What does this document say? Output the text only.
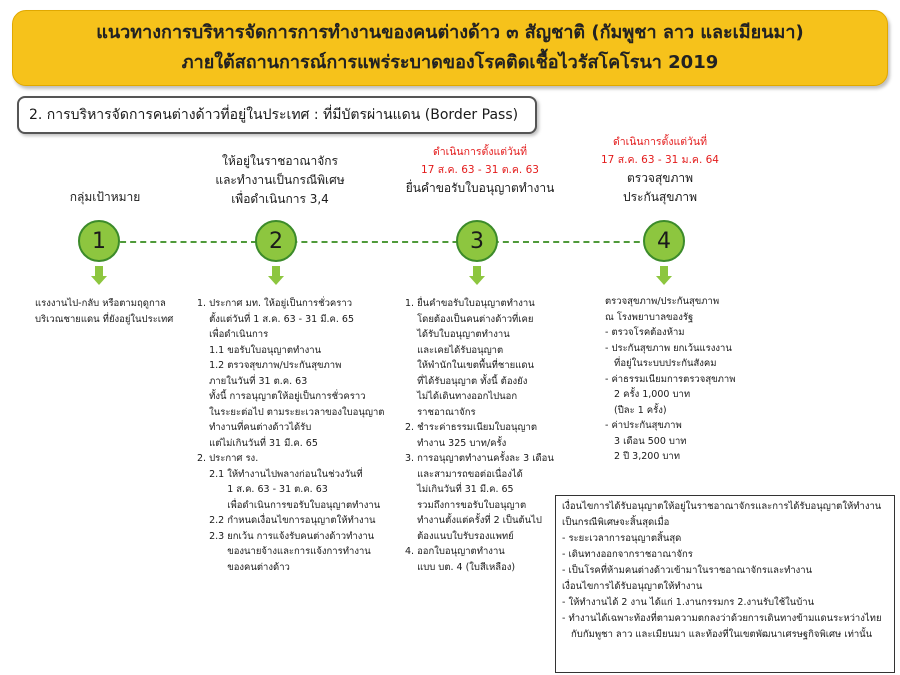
แนวทางการบริหารจัดการการทำงานของคนต่างด้าว ๓ สัญชาติ (กัมพูชา ลาว และเมียนมา)
ภายใต้สถานการณ์การแพร่ระบาดของโรคติดเชื้อไวรัสโคโรนา 2019
2. การบริหารจัดการคนต่างด้าวที่อยู่ในประเทศ : ที่มีบัตรผ่านแดน (Border Pass)
กลุ่มเป้าหมาย
ให้อยู่ในราชอาณาจักร
และทำงานเป็นกรณีพิเศษ
เพื่อดำเนินการ 3,4
ดำเนินการตั้งแต่วันที่
17 ส.ค. 63 - 31 ต.ค. 63
ยื่นคำขอรับใบอนุญาตทำงาน
ดำเนินการตั้งแต่วันที่
17 ส.ค. 63 - 31 ม.ค. 64
ตรวจสุขภาพ
ประกันสุขภาพ
1	2	3	4
แรงงานไป-กลับ หรือตามฤดูกาล
บริเวณชายแดน ที่ยังอยู่ในประเทศ
1. ประกาศ มท. ให้อยู่เป็นการชั่วคราว
ตั้งแต่วันที่ 1 ส.ค. 63 - 31 มี.ค. 65
เพื่อดำเนินการ
1.1 ขอรับใบอนุญาตทำงาน
1.2 ตรวจสุขภาพ/ประกันสุขภาพ
ภายในวันที่ 31 ต.ค. 63
ทั้งนี้ การอนุญาตให้อยู่เป็นการชั่วคราว
ในระยะต่อไป ตามระยะเวลาของใบอนุญาต
ทำงานที่คนต่างด้าวได้รับ
แต่ไม่เกินวันที่ 31 มี.ค. 65
2. ประกาศ รง.
2.1 ให้ทำงานไปพลางก่อนในช่วงวันที่
1 ส.ค. 63 - 31 ต.ค. 63
เพื่อดำเนินการขอรับใบอนุญาตทำงาน
2.2 กำหนดเงื่อนไขการอนุญาตให้ทำงาน
2.3 ยกเว้น การแจ้งรับคนต่างด้าวทำงาน
ของนายจ้างและการแจ้งการทำงาน
ของคนต่างด้าว
1. ยื่นคำขอรับใบอนุญาตทำงาน
โดยต้องเป็นคนต่างด้าวที่เคย
ได้รับใบอนุญาตทำงาน
และเคยได้รับอนุญาต
ให้พำนักในเขตพื้นที่ชายแดน
ที่ได้รับอนุญาต ทั้งนี้ ต้องยัง
ไม่ได้เดินทางออกไปนอก
ราชอาณาจักร
2. ชำระค่าธรรมเนียมใบอนุญาต
ทำงาน 325 บาท/ครั้ง
3. การอนุญาตทำงานครั้งละ 3 เดือน
และสามารถขอต่อเนื่องได้
ไม่เกินวันที่ 31 มี.ค. 65
รวมถึงการขอรับใบอนุญาต
ทำงานตั้งแต่ครั้งที่ 2 เป็นต้นไป
ต้องแนบใบรับรองแพทย์
4. ออกใบอนุญาตทำงาน
แบบ บต. 4 (ใบสีเหลือง)
ตรวจสุขภาพ/ประกันสุขภาพ
ณ โรงพยาบาลของรัฐ
- ตรวจโรคต้องห้าม
- ประกันสุขภาพ ยกเว้นแรงงาน
ที่อยู่ในระบบประกันสังคม
- ค่าธรรมเนียมการตรวจสุขภาพ
2 ครั้ง 1,000 บาท
(ปีละ 1 ครั้ง)
- ค่าประกันสุขภาพ
3 เดือน 500 บาท
2 ปี 3,200 บาท
เงื่อนไขการได้รับอนุญาตให้อยู่ในราชอาณาจักรและการได้รับอนุญาตให้ทำงาน
เป็นกรณีพิเศษจะสิ้นสุดเมื่อ
- ระยะเวลาการอนุญาตสิ้นสุด
- เดินทางออกจากราชอาณาจักร
- เป็นโรคที่ห้ามคนต่างด้าวเข้ามาในราชอาณาจักรและทำงาน
เงื่อนไขการได้รับอนุญาตให้ทำงาน
- ให้ทำงานได้ 2 งาน ได้แก่ 1.งานกรรมกร 2.งานรับใช้ในบ้าน
- ทำงานได้เฉพาะท้องที่ตามความตกลงว่าด้วยการเดินทางข้ามแดนระหว่างไทย
กับกัมพูชา ลาว และเมียนมา และท้องที่ในเขตพัฒนาเศรษฐกิจพิเศษ เท่านั้น
